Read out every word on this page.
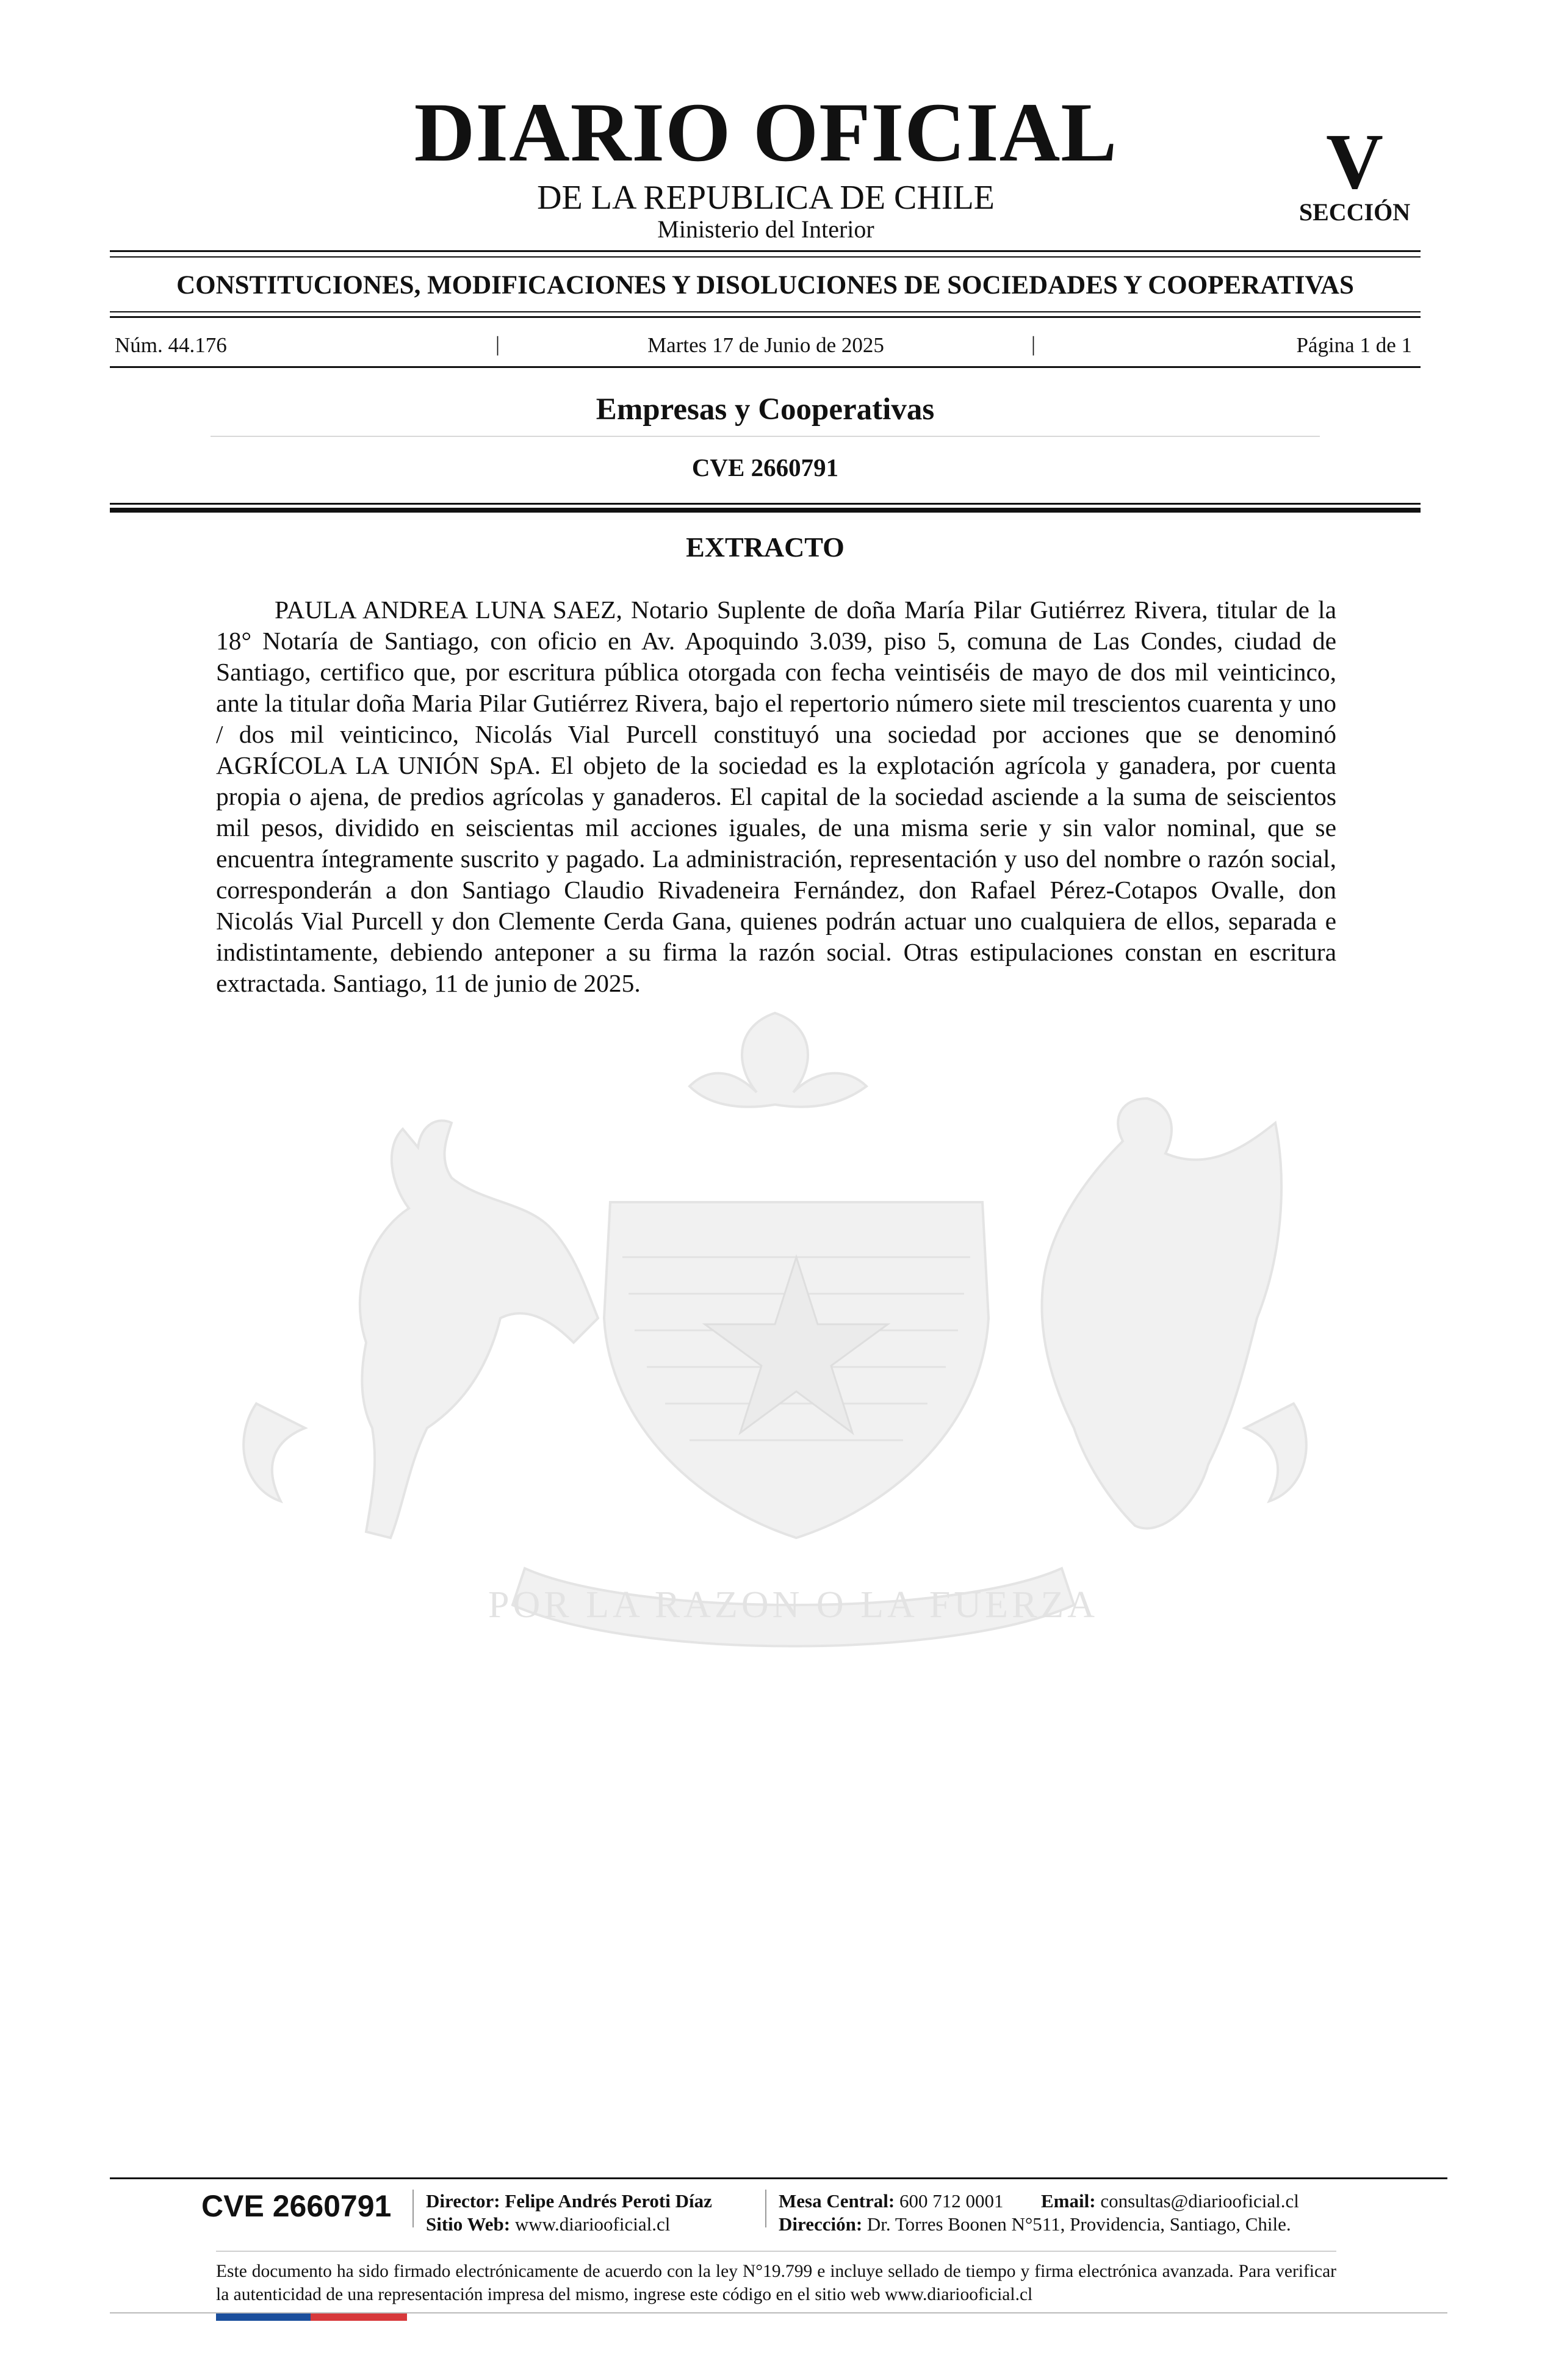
DIARIO OFICIAL
DE LA REPUBLICA DE CHILE
Ministerio del Interior
V
SECCIÓN
CONSTITUCIONES, MODIFICACIONES Y DISOLUCIONES DE SOCIEDADES Y COOPERATIVAS
Núm. 44.176	|	Martes 17 de Junio de 2025	|	Página 1 de 1
Empresas y Cooperativas
CVE 2660791
EXTRACTO

PAULA ANDREA LUNA SAEZ, Notario Suplente de doña María Pilar Gutiérrez Rivera, titular de la 18° Notaría de Santiago, con oficio en Av. Apoquindo 3.039, piso 5, comuna de Las Condes, ciudad de Santiago, certifico que, por escritura pública otorgada con fecha veintiséis de mayo de dos mil veinticinco, ante la titular doña Maria Pilar Gutiérrez Rivera, bajo el repertorio número siete mil trescientos cuarenta y uno / dos mil veinticinco, Nicolás Vial Purcell constituyó una sociedad por acciones que se denominó AGRÍCOLA LA UNIÓN SpA. El objeto de la sociedad es la explotación agrícola y ganadera, por cuenta propia o ajena, de predios agrícolas y ganaderos. El capital de la sociedad asciende a la suma de seiscientos mil pesos, dividido en seiscientas mil acciones iguales, de una misma serie y sin valor nominal, que se encuentra íntegramente suscrito y pagado. La administración, representación y uso del nombre o razón social, corresponderán a don Santiago Claudio Rivadeneira Fernández, don Rafael Pérez-Cotapos Ovalle, don Nicolás Vial Purcell y don Clemente Cerda Gana, quienes podrán actuar uno cualquiera de ellos, separada e indistintamente, debiendo anteponer a su firma la razón social. Otras estipulaciones constan en escritura extractada. Santiago, 11 de junio de 2025.

POR LA RAZON O LA FUERZA
CVE 2660791 Director: Felipe Andrés Peroti Díaz
Sitio Web: www.diariooficial.cl
Mesa Central: 600 712 0001 Email: consultas@diariooficial.cl
Dirección: Dr. Torres Boonen N°511, Providencia, Santiago, Chile.

Este documento ha sido firmado electrónicamente de acuerdo con la ley N°19.799 e incluye sellado de tiempo y firma electrónica avanzada. Para verificar la autenticidad de una representación impresa del mismo, ingrese este código en el sitio web www.diariooficial.cl
